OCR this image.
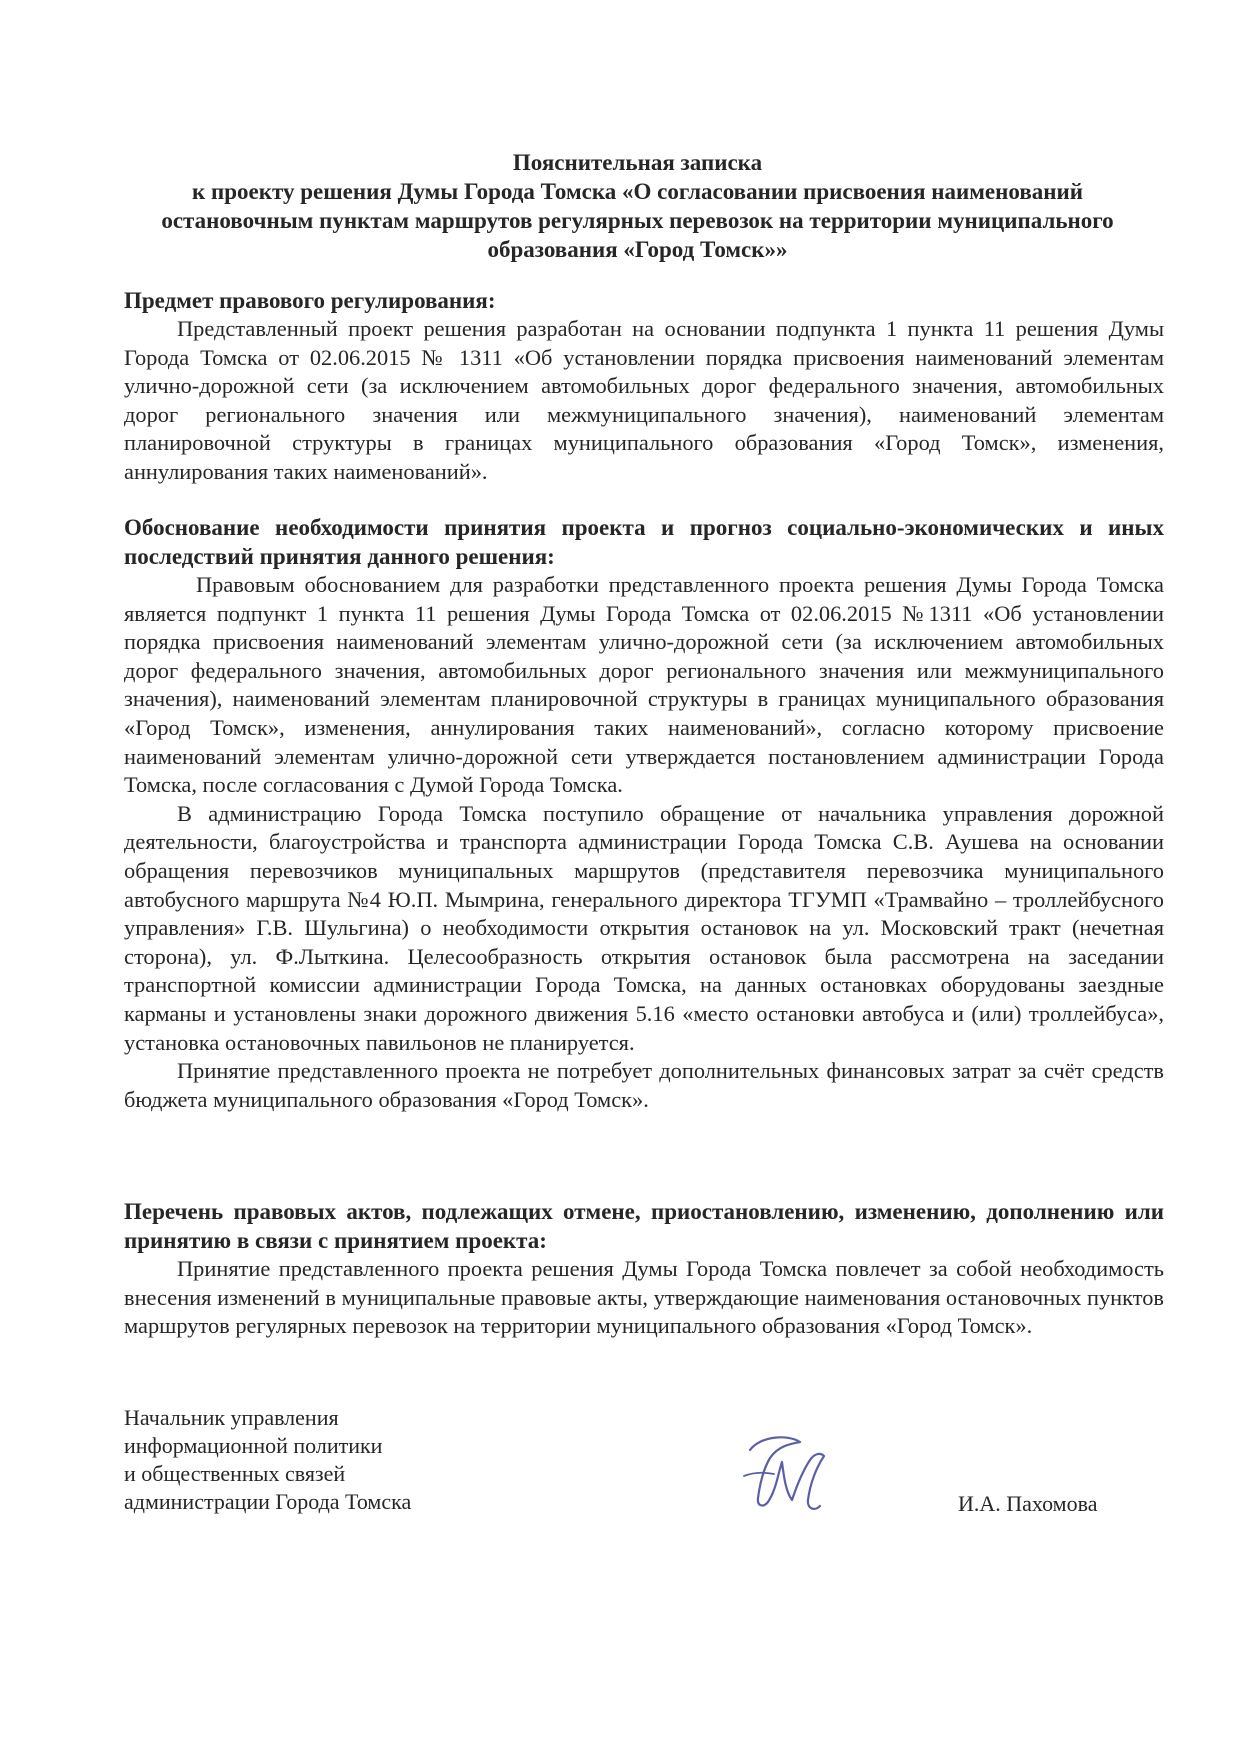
Пояснительная записка
к проекту решения Думы Города Томска «О согласовании присвоения наименований
остановочным пунктам маршрутов регулярных перевозок на территории муниципального
образования «Город Томск»»

Предмет правового регулирования:

Представленный проект решения разработан на основании подпункта 1 пункта 11 решения Думы Города Томска от 02.06.2015 № 1311 «Об установлении порядка присвоения наименований элементам улично-дорожной сети (за исключением автомобильных дорог федерального значения, автомобильных дорог регионального значения или межмуниципального значения), наименований элементам планировочной структуры в границах муниципального образования «Город Томск», изменения, аннулирования таких наименований».

Обоснование необходимости принятия проекта и прогноз социально-экономических и иных последствий принятия данного решения:

Правовым обоснованием для разработки представленного проекта решения Думы Города Томска является подпункт 1 пункта 11 решения Думы Города Томска от 02.06.2015 №1311 «Об установлении порядка присвоения наименований элементам улично-дорожной сети (за исключением автомобильных дорог федерального значения, автомобильных дорог регионального значения или межмуниципального значения), наименований элементам планировочной структуры в границах муниципального образования «Город Томск», изменения, аннулирования таких наименований», согласно которому присвоение наименований элементам улично-дорожной сети утверждается постановлением администрации Города Томска, после согласования с Думой Города Томска.

В администрацию Города Томска поступило обращение от начальника управления дорожной деятельности, благоустройства и транспорта администрации Города Томска С.В. Аушева на основании обращения перевозчиков муниципальных маршрутов (представителя перевозчика муниципального автобусного маршрута №4 Ю.П. Мымрина, генерального директора ТГУМП «Трамвайно – троллейбусного управления» Г.В. Шульгина) о необходимости открытия остановок на ул. Московский тракт (нечетная сторона), ул. Ф.Лыткина. Целесообразность открытия остановок была рассмотрена на заседании транспортной комиссии администрации Города Томска, на данных остановках оборудованы заездные карманы и установлены знаки дорожного движения 5.16 «место остановки автобуса и (или) троллейбуса», установка остановочных павильонов не планируется.

Принятие представленного проекта не потребует дополнительных финансовых затрат за счёт средств бюджета муниципального образования «Город Томск».

Перечень правовых актов, подлежащих отмене, приостановлению, изменению, дополнению или принятию в связи с принятием проекта:

Принятие представленного проекта решения Думы Города Томска повлечет за собой необходимость внесения изменений в муниципальные правовые акты, утверждающие наименования остановочных пунктов маршрутов регулярных перевозок на территории муниципального образования «Город Томск».

Начальник управления
информационной политики
и общественных связей
администрации Города Томска	И.А. Пахомова
